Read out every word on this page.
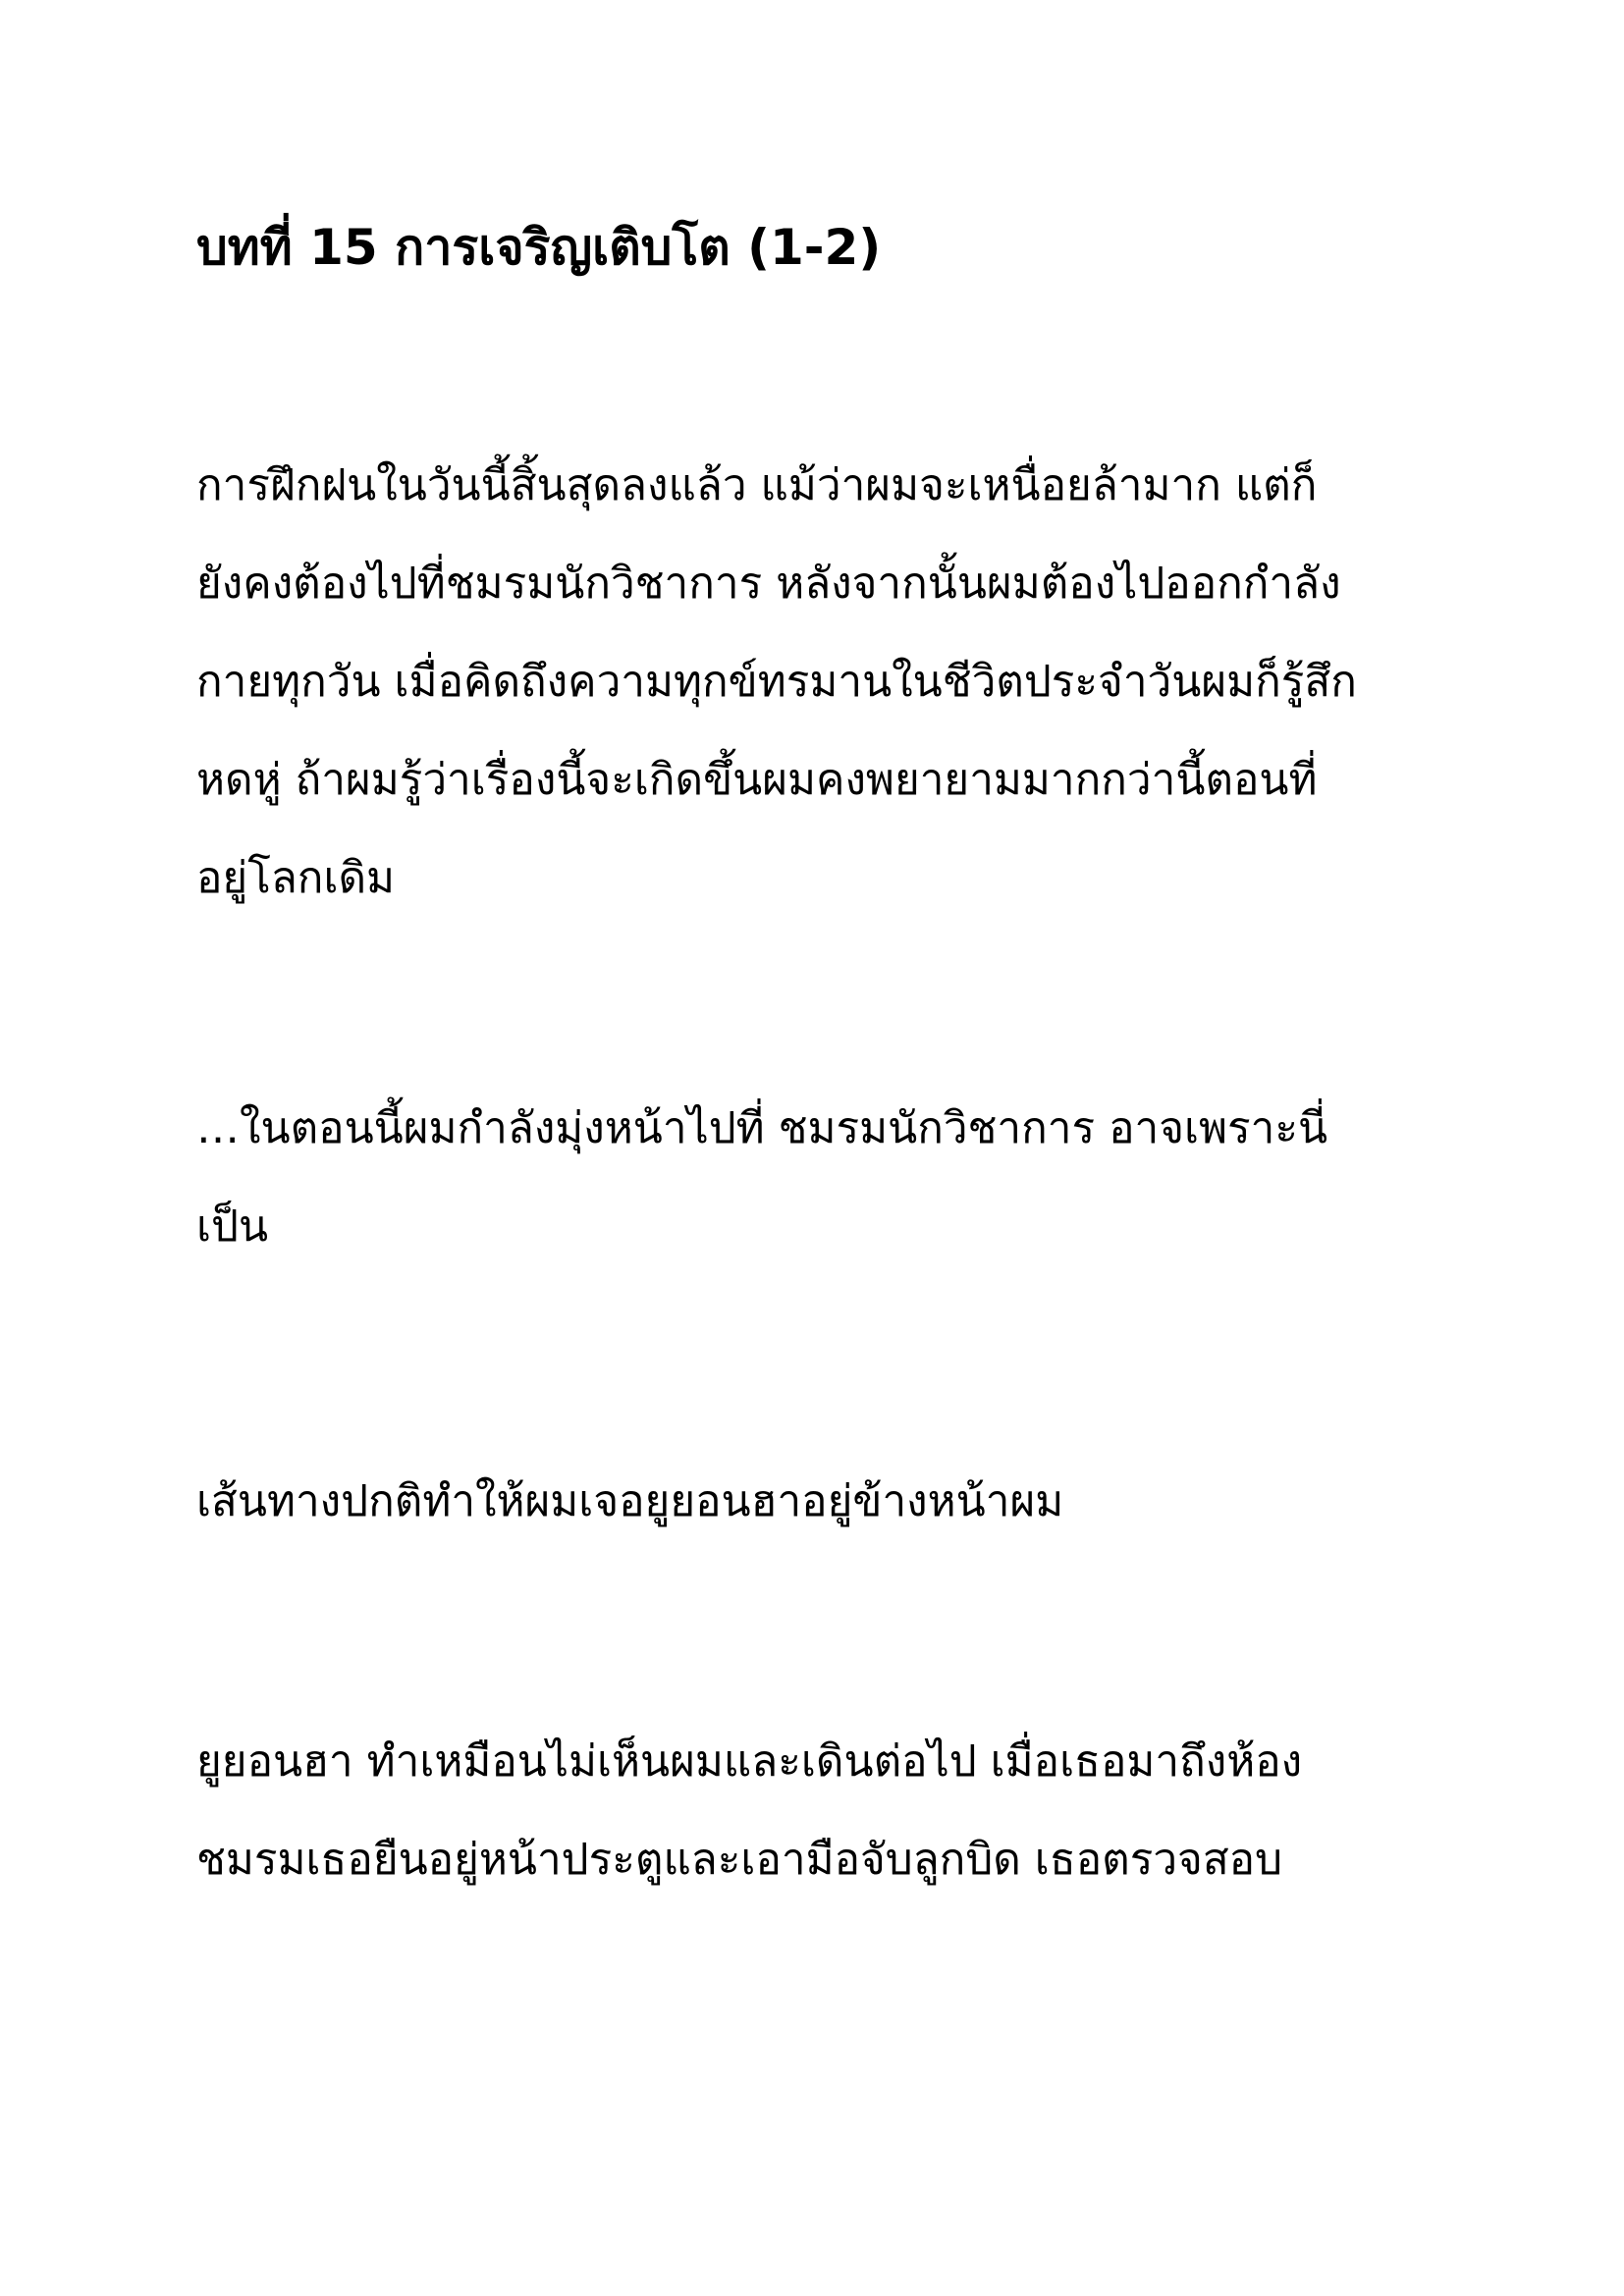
บทที่ 15 การเจริญเติบโต (1-2)
การฝึกฝนในวันนี้สิ้นสุดลงแล้ว แม้ว่าผมจะเหนื่อยล้ามาก แต่ก็
ยังคงต้องไปที่ชมรมนักวิชาการ หลังจากนั้นผมต้องไปออกกำลัง
กายทุกวัน เมื่อคิดถึงความทุกข์ทรมานในชีวิตประจำวันผมก็รู้สึก
หดหู่ ถ้าผมรู้ว่าเรื่องนี้จะเกิดขึ้นผมคงพยายามมากกว่านี้ตอนที่
อยู่โลกเดิม
…ในตอนนี้ผมกำลังมุ่งหน้าไปที่ ชมรมนักวิชาการ อาจเพราะนี่
เป็น
เส้นทางปกติทำให้ผมเจอยูยอนฮาอยู่ข้างหน้าผม
ยูยอนฮา ทำเหมือนไม่เห็นผมและเดินต่อไป เมื่อเธอมาถึงห้อง
ชมรมเธอยืนอยู่หน้าประตูและเอามือจับลูกบิด เธอตรวจสอบ
